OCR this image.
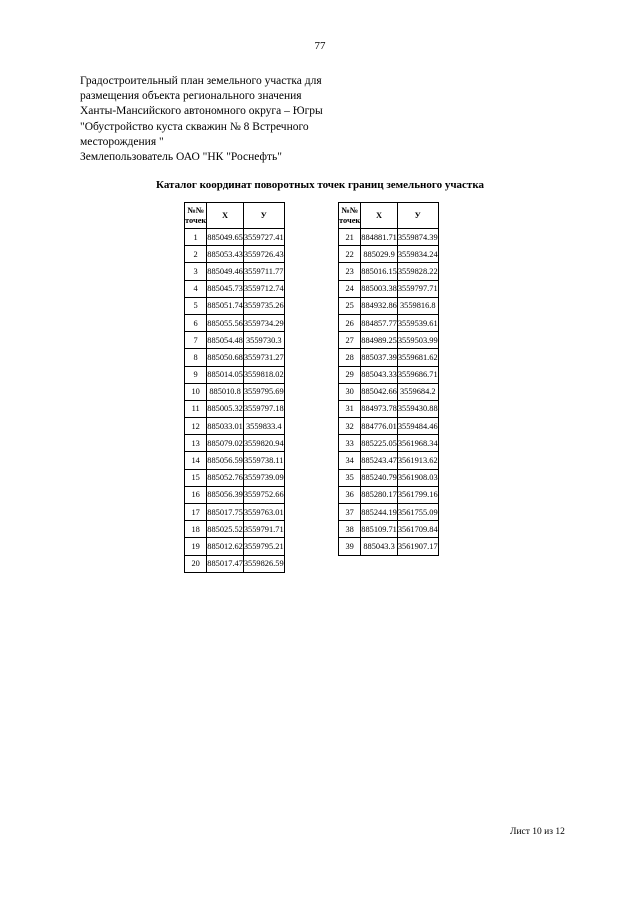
77
Градостроительный план земельного участка для
размещения объекта регионального значения
Ханты-Мансийского автономного округа – Югры
"Обустройство куста скважин № 8 Встречного
месторождения "
Землепользователь ОАО "НК "Роснефть"
Каталог координат поворотных точек границ земельного участка
№№
точек	X	У
1	885049.65	3559727.41
2	885053.43	3559726.43
3	885049.46	3559711.77
4	885045.73	3559712.74
5	885051.74	3559735.26
6	885055.56	3559734.29
7	885054.48	3559730.3
8	885050.68	3559731.27
9	885014.05	3559818.02
10	885010.8	3559795.69
11	885005.32	3559797.18
12	885033.01	3559833.4
13	885079.02	3559820.94
14	885056.59	3559738.11
15	885052.76	3559739.09
16	885056.39	3559752.66
17	885017.75	3559763.01
18	885025.52	3559791.71
19	885012.62	3559795.21
20	885017.47	3559826.59
№№
точек	X	У
21	884881.71	3559874.39
22	885029.9	3559834.24
23	885016.15	3559828.22
24	885003.38	3559797.71
25	884932.86	3559816.8
26	884857.77	3559539.61
27	884989.25	3559503.99
28	885037.39	3559681.62
29	885043.33	3559686.71
30	885042.66	3559684.2
31	884973.78	3559430.88
32	884776.01	3559484.46
33	885225.05	3561968.34
34	885243.47	3561913.62
35	885240.79	3561908.03
36	885280.17	3561799.16
37	885244.19	3561755.09
38	885109.71	3561709.84
39	885043.3	3561907.17
Лист 10 из 12
